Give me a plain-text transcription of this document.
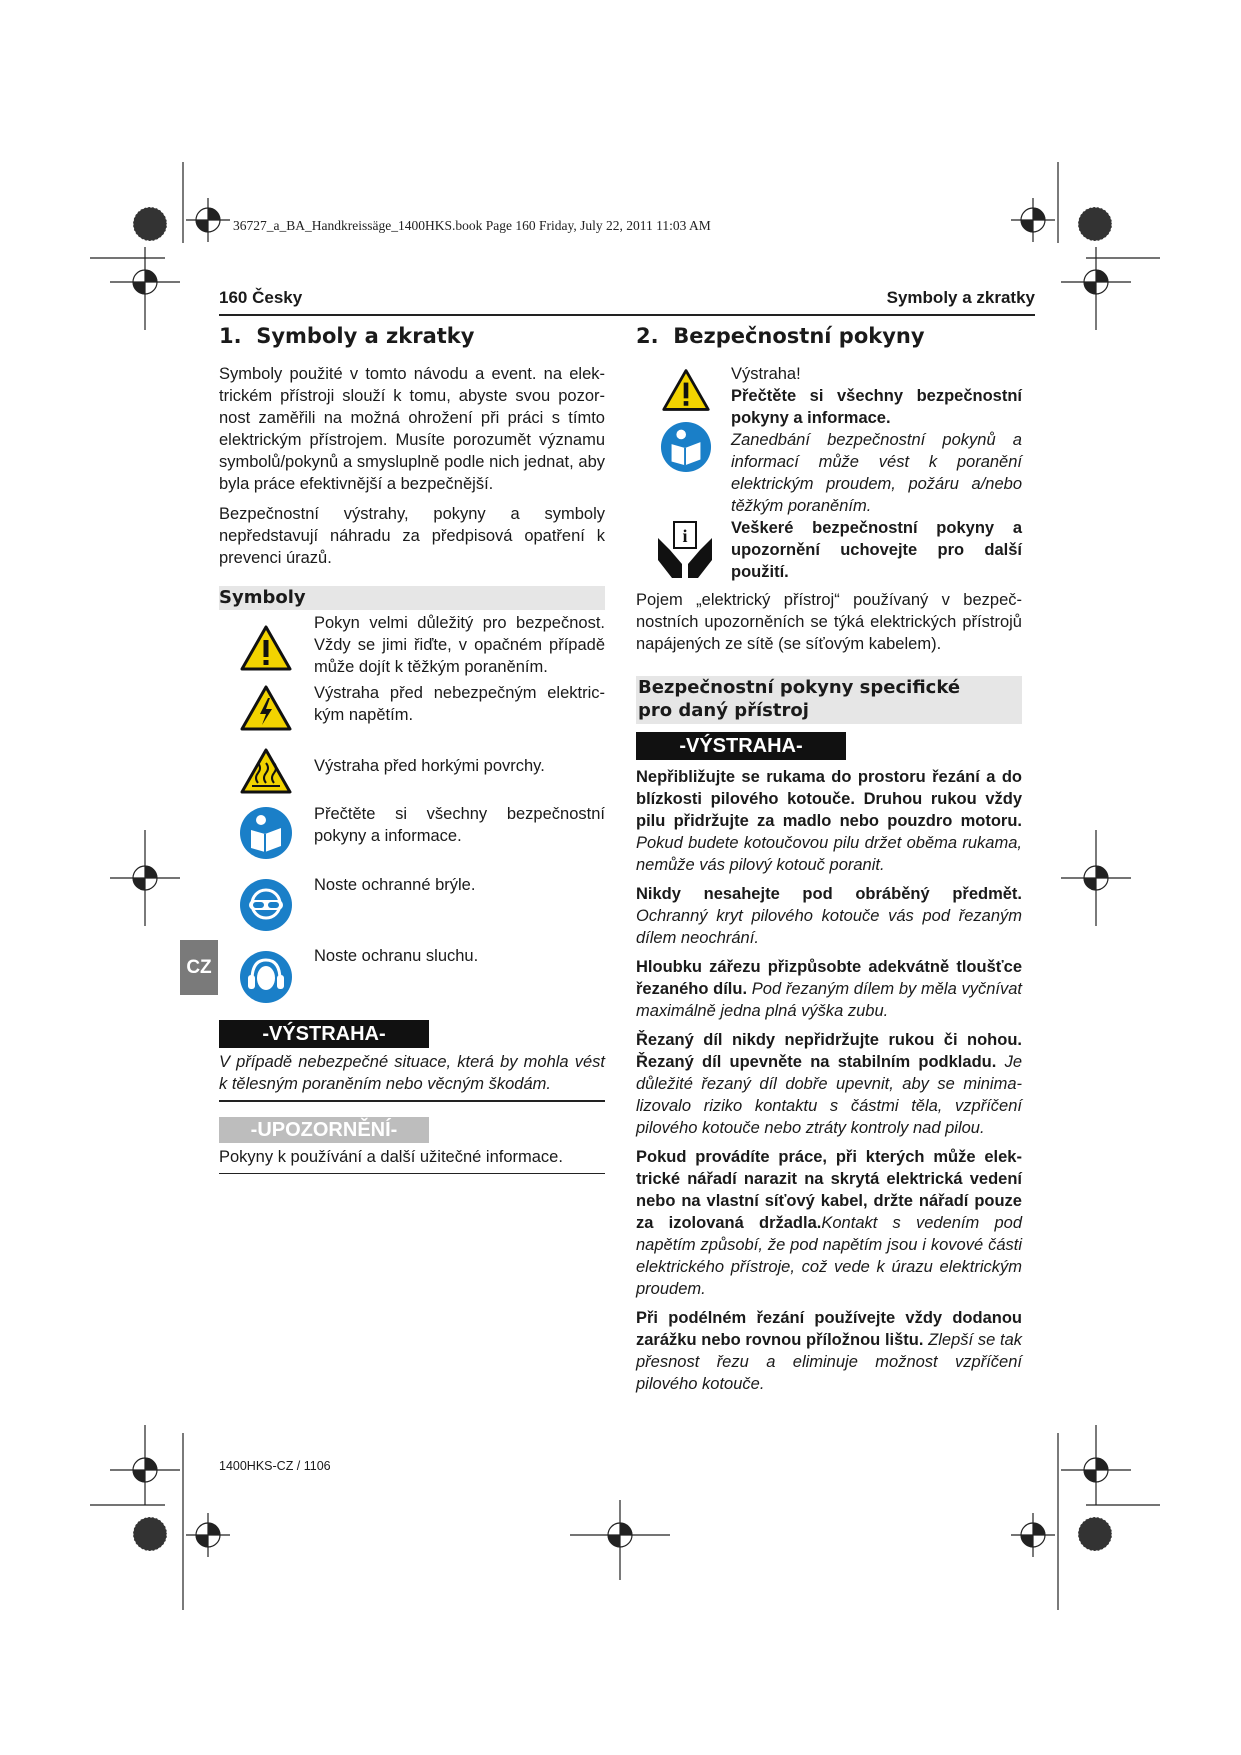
36727_a_BA_Handkreissäge_1400HKS.book Page 160 Friday, July 22, 2011 11:03 AM
160 Česky	Symboly a zkratky
CZ
1. Symboly a zkratky

Symboly použité v tomto návodu a event. na elektrickém přístroji slouží k tomu, abyste svou pozornost zaměřili na možná ohrožení při práci s tímto elektrickým přístrojem. Musíte porozumět významu symbolů/pokynů a smysluplně podle nich jednat, aby byla práce efektivnější a bezpečnější.

Bezpečnostní výstrahy, pokyny a symboly nepředstavují náhradu za předpisová opatření k prevenci úrazů.

Symboly

Pokyn velmi důležitý pro bezpečnost. Vždy se jimi řiďte, v opačném případě může dojít k těžkým poraněním.

Výstraha před nebezpečným elektrickým napětím.

Výstraha před horkými povrchy.

Přečtěte si všechny bezpečnostní pokyny a informace.

Noste ochranné brýle.

Noste ochranu sluchu.

-VÝSTRAHA-

V případě nebezpečné situace, která by mohla vést k tělesným poraněním nebo věcným škodám.

-UPOZORNĚNÍ-

Pokyny k používání a další užitečné informace.

2. Bezpečnostní pokyny
i

Výstraha!

Přečtěte si všechny bezpečnostní pokyny a informace.

Zanedbání bezpečnostní pokynů a informací může vést k poranění elektrickým proudem, požáru a/nebo těžkým poraněním.

Veškeré bezpečnostní pokyny a upozornění uchovejte pro další použití.

Pojem „elektrický přístroj“ používaný v bezpečnostních upozorněních se týká elektrických přístrojů napájených ze sítě (se síťovým kabelem).

Bezpečnostní pokyny specifické
pro daný přístroj
-VÝSTRAHA-

Nepřibližujte se rukama do prostoru řezání a do blízkosti pilového kotouče. Druhou rukou vždy pilu přidržujte za madlo nebo pouzdro motoru. Pokud budete kotoučovou pilu držet oběma rukama, nemůže vás pilový kotouč poranit.

Nikdy nesahejte pod obráběný předmět. Ochranný kryt pilového kotouče vás pod řezaným dílem neochrání.

Hloubku zářezu přizpůsobte adekvátně tloušťce řezaného dílu. Pod řezaným dílem by měla vyčnívat maximálně jedna plná výška zubu.

Řezaný díl nikdy nepřidržujte rukou či nohou. Řezaný díl upevněte na stabilním podkladu. Je důležité řezaný díl dobře upevnit, aby se minimalizovalo riziko kontaktu s částmi těla, vzpříčení pilového kotouče nebo ztráty kontroly nad pilou.

Pokud provádíte práce, při kterých může elektrické nářadí narazit na skrytá elektrická vedení nebo na vlastní síťový kabel, držte nářadí pouze za izolovaná držadla.Kontakt s vedením pod napětím způsobí, že pod napětím jsou i kovové části elektrického přístroje, což vede k úrazu elektrickým proudem.

Při podélném řezání používejte vždy dodanou zarážku nebo rovnou příložnou lištu. Zlepší se tak přesnost řezu a eliminuje možnost vzpříčení pilového kotouče.

1400HKS-CZ / 1106
